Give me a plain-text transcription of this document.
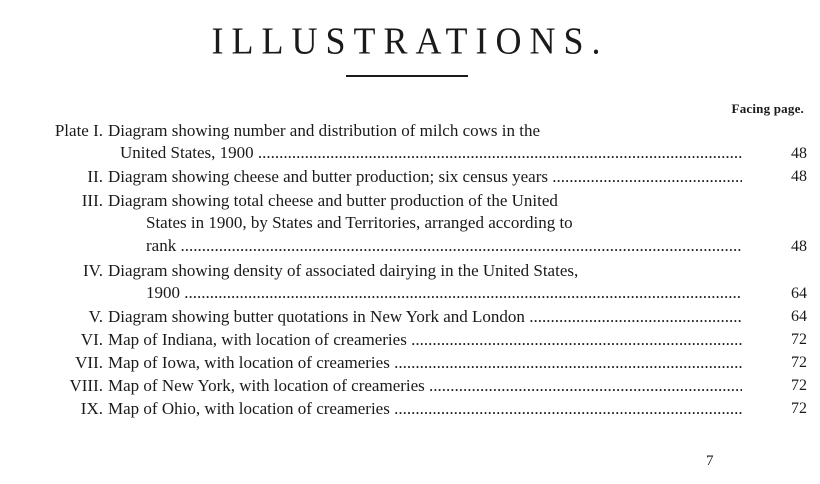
ILLUSTRATIONS.
Facing page.
Plate I. Diagram showing number and distribution of milch cows in the
United States, 1900 .....	48
II. Diagram showing cheese and butter production; six census years .....	48
III. Diagram showing total cheese and butter production of the United
States in 1900, by States and Territories, arranged according to
rank .....	48
IV. Diagram showing density of associated dairying in the United States,
1900 .....	64
V. Diagram showing butter quotations in New York and London .....	64
VI. Map of Indiana, with location of creameries .....	72
VII. Map of Iowa, with location of creameries .....	72
VIII. Map of New York, with location of creameries .....	72
IX. Map of Ohio, with location of creameries .....	72
7
